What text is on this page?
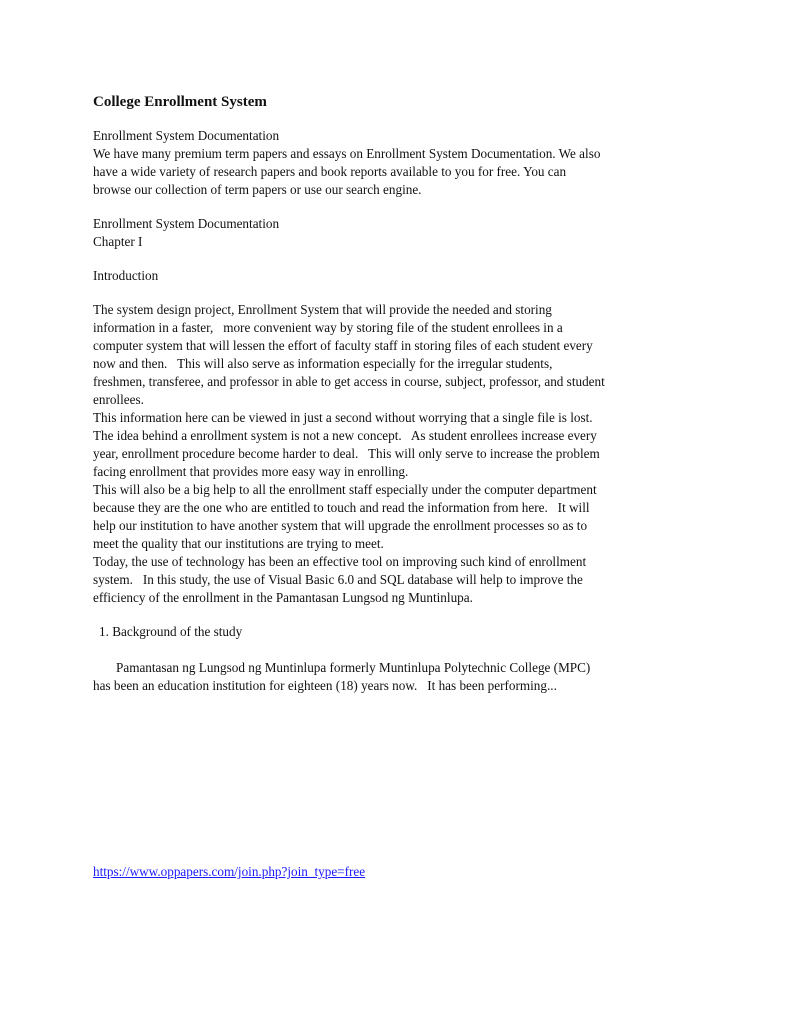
College Enrollment System
Enrollment System Documentation
We have many premium term papers and essays on Enrollment System Documentation. We also
have a wide variety of research papers and book reports available to you for free. You can
browse our collection of term papers or use our search engine.
Enrollment System Documentation
Chapter I
Introduction
The system design project, Enrollment System that will provide the needed and storing
information in a faster,   more convenient way by storing file of the student enrollees in a
computer system that will lessen the effort of faculty staff in storing files of each student every
now and then.   This will also serve as information especially for the irregular students,
freshmen, transferee, and professor in able to get access in course, subject, professor, and student
enrollees.
This information here can be viewed in just a second without worrying that a single file is lost.
The idea behind a enrollment system is not a new concept.   As student enrollees increase every
year, enrollment procedure become harder to deal.   This will only serve to increase the problem
facing enrollment that provides more easy way in enrolling.
This will also be a big help to all the enrollment staff especially under the computer department
because they are the one who are entitled to touch and read the information from here.   It will
help our institution to have another system that will upgrade the enrollment processes so as to
meet the quality that our institutions are trying to meet.
Today, the use of technology has been an effective tool on improving such kind of enrollment
system.   In this study, the use of Visual Basic 6.0 and SQL database will help to improve the
efficiency of the enrollment in the Pamantasan Lungsod ng Muntinlupa.
1. Background of the study

Pamantasan ng Lungsod ng Muntinlupa formerly Muntinlupa Polytechnic College (MPC)

has been an education institution for eighteen (18) years now.   It has been performing...
https://www.oppapers.com/join.php?join_type=free
